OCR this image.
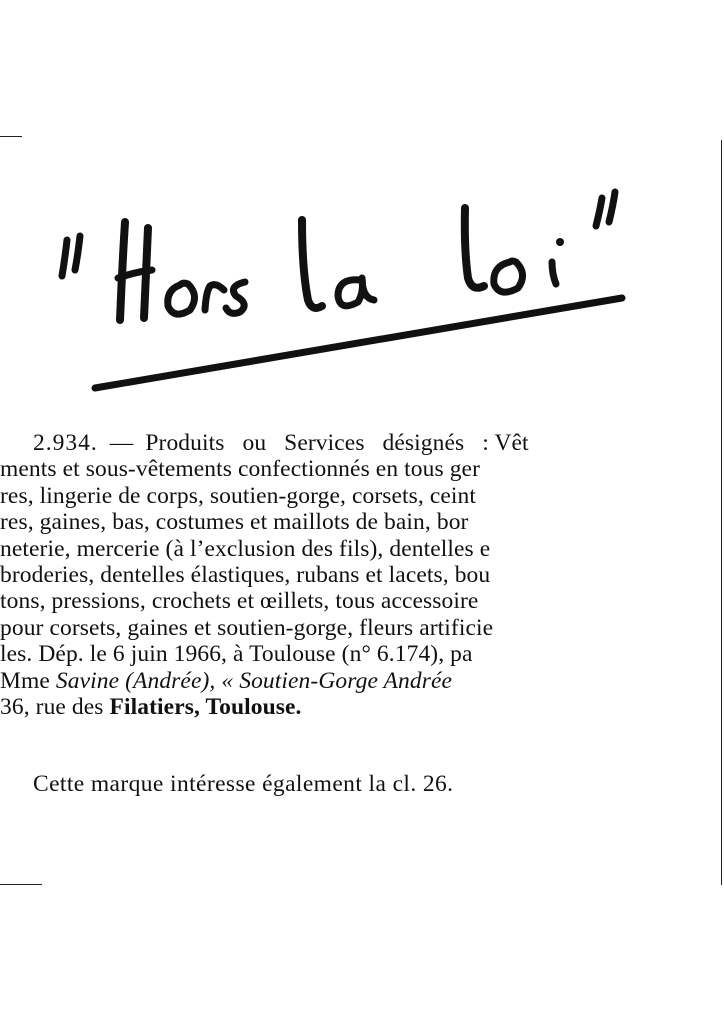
2.934. — Produits ou Services désignés : Vêt
ments et sous-vêtements confectionnés en tous ger
res, lingerie de corps, soutien-gorge, corsets, ceint
res, gaines, bas, costumes et maillots de bain, bor
neterie, mercerie (à l’exclusion des fils), dentelles e
broderies, dentelles élastiques, rubans et lacets, bou
tons, pressions, crochets et œillets, tous accessoire
pour corsets, gaines et soutien-gorge, fleurs artificie
les. Dép. le 6 juin 1966, à Toulouse (n° 6.174), pa
Mme Savine (Andrée), « Soutien-Gorge Andrée
36, rue des Filatiers, Toulouse.
Cette marque intéresse également la cl. 26.
